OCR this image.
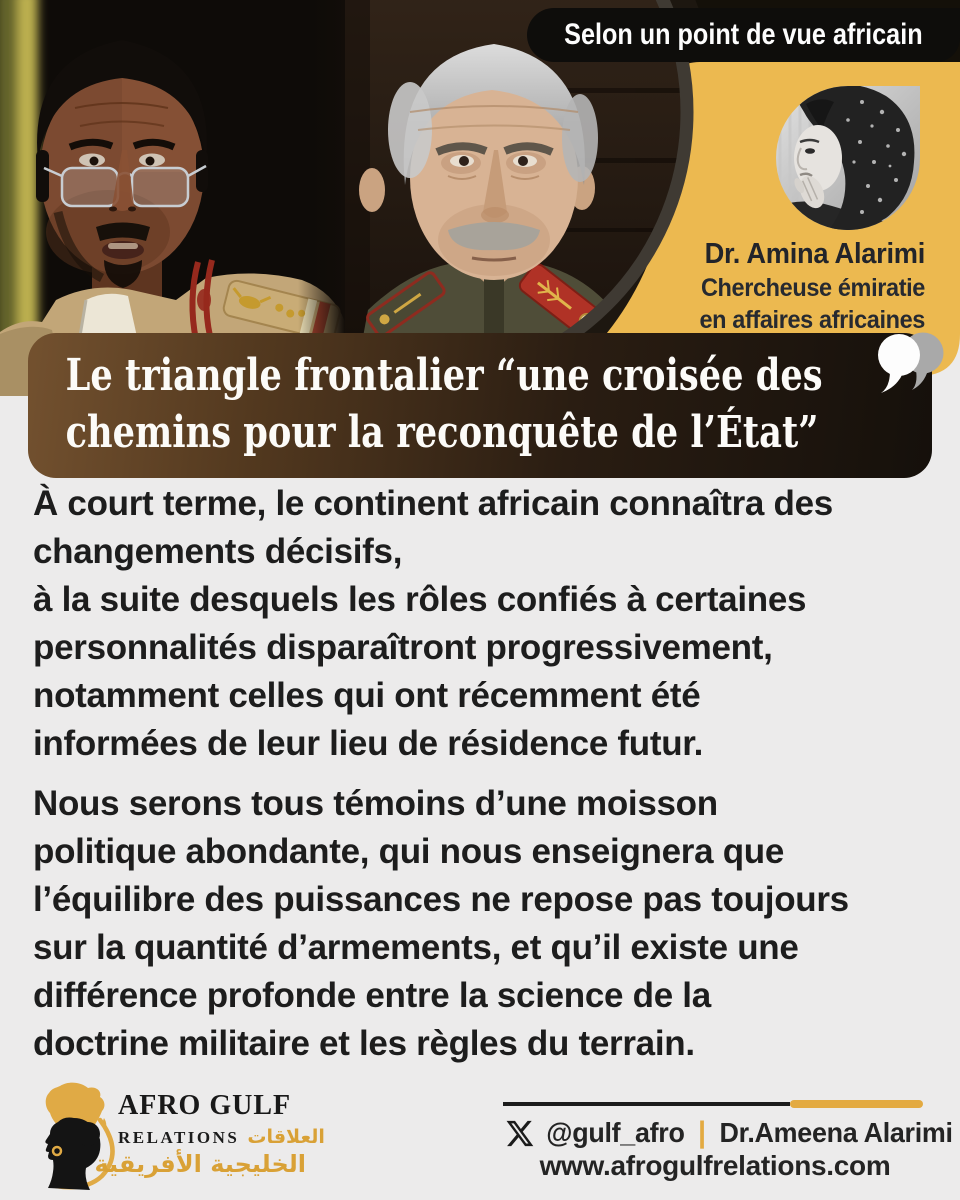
Selon un point de vue africain
Dr. Amina Alarimi
Chercheuse émiratie
en affaires africaines
Le triangle frontalier “une croisée des
chemins pour la reconquête de l’État”
À court terme, le continent africain connaîtra des
changements décisifs,
à la suite desquels les rôles confiés à certaines
personnalités disparaîtront progressivement,
notamment celles qui ont récemment été
informées de leur lieu de résidence futur.
Nous serons tous témoins d’une moisson
politique abondante, qui nous enseignera que
l’équilibre des puissances ne repose pas toujours
sur la quantité d’armements, et qu’il existe une
différence profonde entre la science de la
doctrine militaire et les règles du terrain.
AFRO GULF
RELATIONS العلاقات
الخليجية الأفريقية
@gulf_afro | Dr.Ameena Alarimi
www.afrogulfrelations.com
